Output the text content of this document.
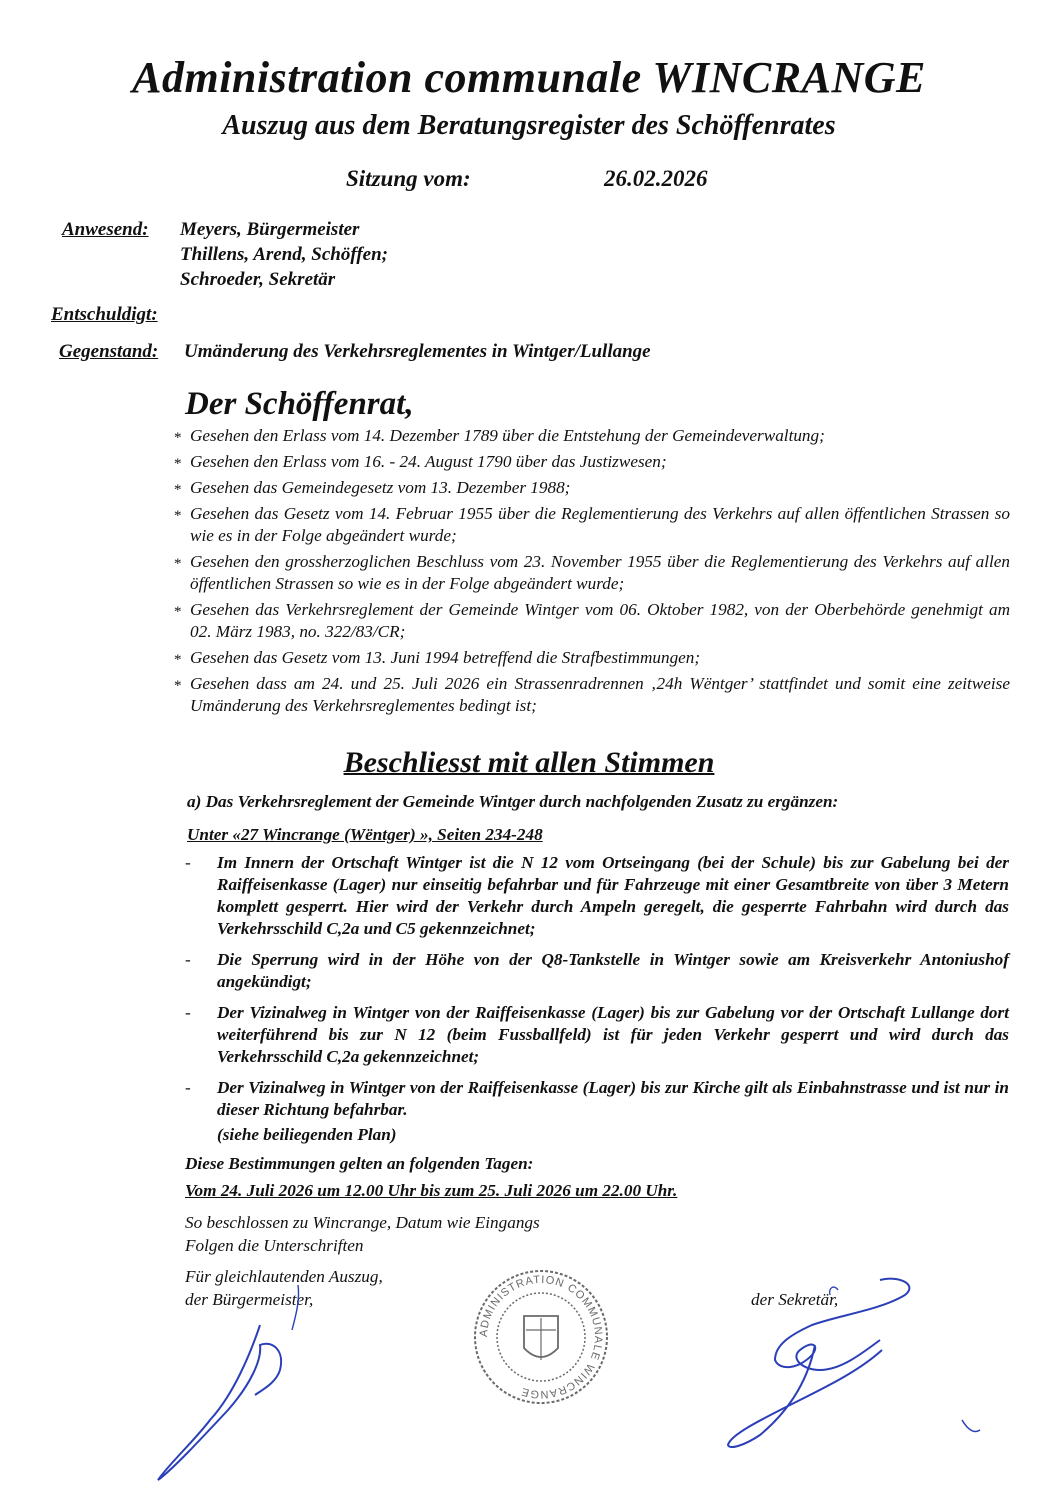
Administration communale WINCRANGE
Auszug aus dem Beratungsregister des Schöffenrates
Sitzung vom:	26.02.2026
Anwesend: Meyers, Bürgermeister
Thillens, Arend, Schöffen;
Schroeder, Sekretär
Entschuldigt:
Gegenstand: Umänderung des Verkehrsreglementes in Wintger/Lullange
Der Schöffenrat,
* Gesehen den Erlass vom 14. Dezember 1789 über die Entstehung der Gemeindeverwaltung;
* Gesehen den Erlass vom 16. - 24. August 1790 über das Justizwesen;
* Gesehen das Gemeindegesetz vom 13. Dezember 1988;
* Gesehen das Gesetz vom 14. Februar 1955 über die Reglementierung des Verkehrs auf allen öffentlichen Strassen so wie es in der Folge abgeändert wurde;
* Gesehen den grossherzoglichen Beschluss vom 23. November 1955 über die Reglementierung des Verkehrs auf allen öffentlichen Strassen so wie es in der Folge abgeändert wurde;
* Gesehen das Verkehrsreglement der Gemeinde Wintger vom 06. Oktober 1982, von der Oberbehörde genehmigt am 02. März 1983, no. 322/83/CR;
* Gesehen das Gesetz vom 13. Juni 1994 betreffend die Strafbestimmungen;
* Gesehen dass am 24. und 25. Juli 2026 ein Strassenradrennen ‚24h Wëntger’ stattfindet und somit eine zeitweise Umänderung des Verkehrsreglementes bedingt ist;
Beschliesst mit allen Stimmen
a) Das Verkehrsreglement der Gemeinde Wintger durch nachfolgenden Zusatz zu ergänzen:
Unter «27 Wincrange (Wëntger) », Seiten 234-248
- Im Innern der Ortschaft Wintger ist die N 12 vom Ortseingang (bei der Schule) bis zur Gabelung bei der Raiffeisenkasse (Lager) nur einseitig befahrbar und für Fahrzeuge mit einer Gesamtbreite von über 3 Metern komplett gesperrt. Hier wird der Verkehr durch Ampeln geregelt, die gesperrte Fahrbahn wird durch das Verkehrsschild C,2a und C5 gekennzeichnet;
- Die Sperrung wird in der Höhe von der Q8-Tankstelle in Wintger sowie am Kreisverkehr Antoniushof angekündigt;
- Der Vizinalweg in Wintger von der Raiffeisenkasse (Lager) bis zur Gabelung vor der Ortschaft Lullange dort weiterführend bis zur N 12 (beim Fussballfeld) ist für jeden Verkehr gesperrt und wird durch das Verkehrsschild C,2a gekennzeichnet;
- Der Vizinalweg in Wintger von der Raiffeisenkasse (Lager) bis zur Kirche gilt als Einbahnstrasse und ist nur in dieser Richtung befahrbar.
(siehe beiliegenden Plan)
Diese Bestimmungen gelten an folgenden Tagen:
Vom 24. Juli 2026 um 12.00 Uhr bis zum 25. Juli 2026 um 22.00 Uhr.
So beschlossen zu Wincrange, Datum wie Eingangs
Folgen die Unterschriften
Für gleichlautenden Auszug,
der Bürgermeister,	der Sekretär,
ADMINISTRATION COMMUNALE WINCRANGE
